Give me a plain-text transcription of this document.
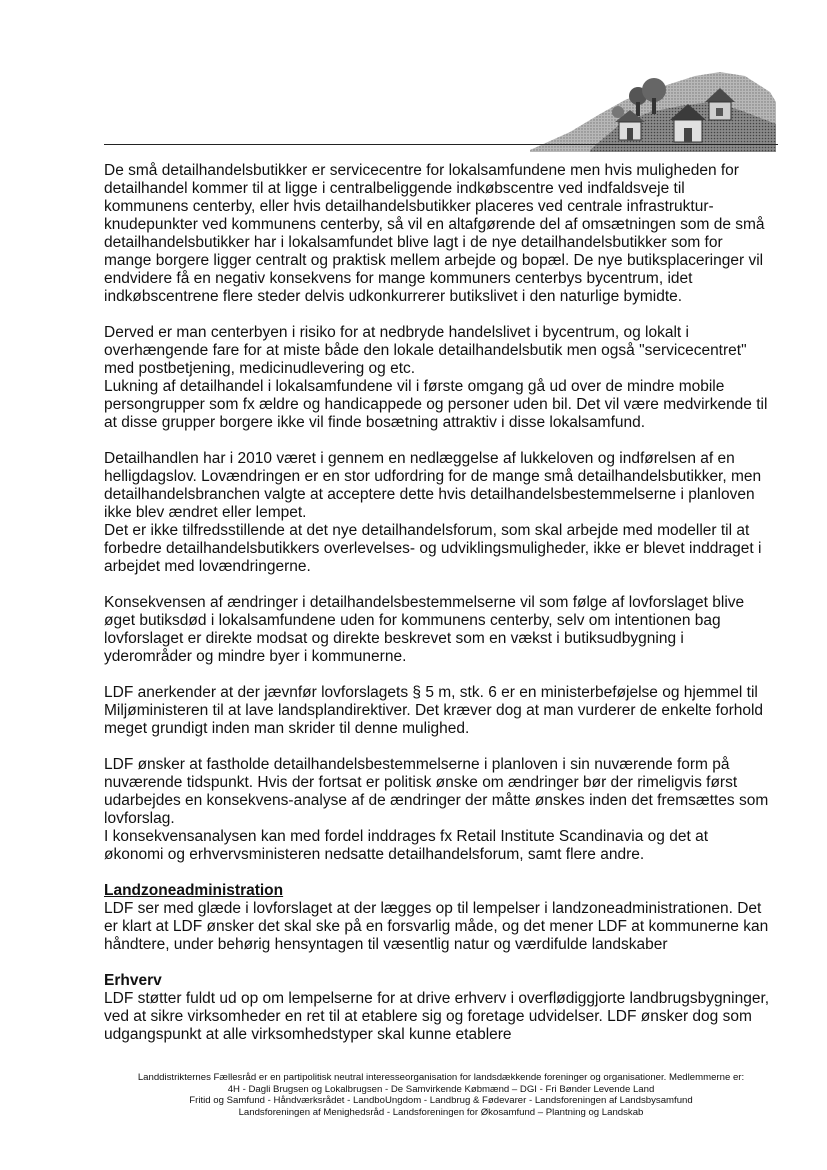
De små detailhandelsbutikker er servicecentre for lokalsamfundene men hvis muligheden for detailhandel kommer til at ligge i centralbeliggende indkøbscentre ved indfaldsveje til kommunens centerby, eller hvis detailhandelsbutikker placeres ved centrale infrastruktur-knudepunkter ved kommunens centerby, så vil en altafgørende del af omsætningen som de små detailhandelsbutikker har i lokalsamfundet blive lagt i de nye detailhandelsbutikker som for mange borgere ligger centralt og praktisk mellem arbejde og bopæl. De nye butiksplaceringer vil endvidere få en negativ konsekvens for mange kommuners centerbys bycentrum, idet indkøbscentrene flere steder delvis udkonkurrerer butikslivet i den naturlige bymidte.

Derved er man centerbyen i risiko for at nedbryde handelslivet i bycentrum, og lokalt i overhængende fare for at miste både den lokale detailhandelsbutik men også "servicecentret" med postbetjening, medicinudlevering og etc.

Lukning af detailhandel i lokalsamfundene vil i første omgang gå ud over de mindre mobile persongrupper som fx ældre og handicappede og personer uden bil. Det vil være medvirkende til at disse grupper borgere ikke vil finde bosætning attraktiv i disse lokalsamfund.

Detailhandlen har i 2010 været i gennem en nedlæggelse af lukkeloven og indførelsen af en helligdagslov. Lovændringen er en stor udfordring for de mange små detailhandelsbutikker, men detailhandelsbranchen valgte at acceptere dette hvis detailhandelsbestemmelserne i planloven ikke blev ændret eller lempet.

Det er ikke tilfredsstillende at det nye detailhandelsforum, som skal arbejde med modeller til at forbedre detailhandelsbutikkers overlevelses- og udviklingsmuligheder, ikke er blevet inddraget i arbejdet med lovændringerne.

Konsekvensen af ændringer i detailhandelsbestemmelserne vil som følge af lovforslaget blive øget butiksdød i lokalsamfundene uden for kommunens centerby, selv om intentionen bag lovforslaget er direkte modsat og direkte beskrevet som en vækst i butiksudbygning i yderområder og mindre byer i kommunerne.

LDF anerkender at der jævnfør lovforslagets § 5 m, stk. 6 er en ministerbeføjelse og hjemmel til Miljøministeren til at lave landsplandirektiver. Det kræver dog at man vurderer de enkelte forhold meget grundigt inden man skrider til denne mulighed.

LDF ønsker at fastholde detailhandelsbestemmelserne i planloven i sin nuværende form på nuværende tidspunkt. Hvis der fortsat er politisk ønske om ændringer bør der rimeligvis først udarbejdes en konsekvens-analyse af de ændringer der måtte ønskes inden det fremsættes som lovforslag.

I konsekvensanalysen kan med fordel inddrages fx Retail Institute Scandinavia og det at økonomi og erhvervsministeren nedsatte detailhandelsforum, samt flere andre.

Landzoneadministration

LDF ser med glæde i lovforslaget at der lægges op til lempelser i landzoneadministrationen. Det er klart at LDF ønsker det skal ske på en forsvarlig måde, og det mener LDF at kommunerne kan håndtere, under behørig hensyntagen til væsentlig natur og værdifulde landskaber

Erhverv

LDF støtter fuldt ud op om lempelserne for at drive erhverv i overflødiggjorte landbrugsbygninger, ved at sikre virksomheder en ret til at etablere sig og foretage udvidelser. LDF ønsker dog som udgangspunkt at alle virksomhedstyper skal kunne etablere

Landdistrikternes Fællesråd er en partipolitisk neutral interesseorganisation for landsdækkende foreninger og organisationer. Medlemmerne er:

4H - Dagli Brugsen og Lokalbrugsen - De Samvirkende Købmænd – DGI - Fri Bønder Levende Land

Fritid og Samfund - Håndværksrådet - LandboUngdom - Landbrug & Fødevarer - Landsforeningen af Landsbysamfund

Landsforeningen af Menighedsråd - Landsforeningen for Økosamfund – Plantning og Landskab
